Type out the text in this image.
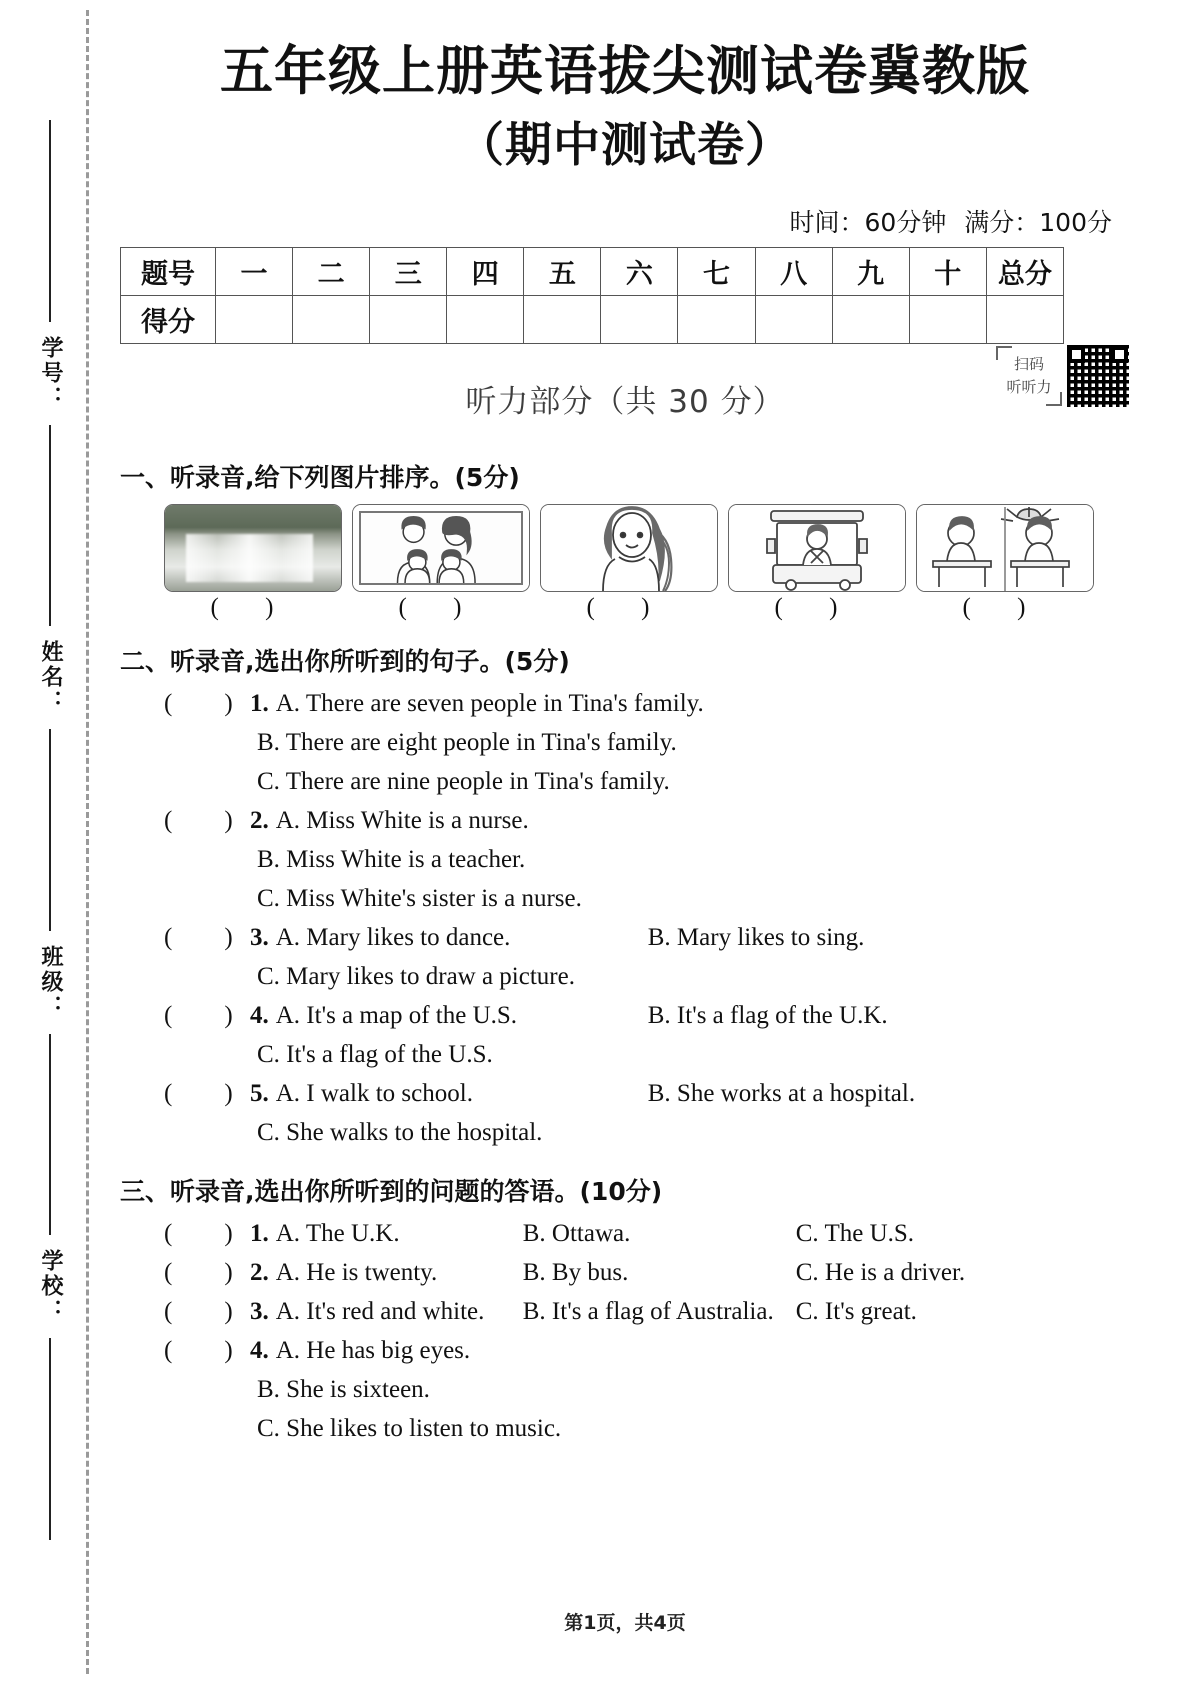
学号：
姓名：
班级：
学校：
五年级上册英语拔尖测试卷冀教版
（期中测试卷）
时间：60分钟 满分：100分
题号	一	二	三	四	五	六	七	八	九	十	总分
得分											
听力部分（共 30 分）
扫码
听听力
一、听录音,给下列图片排序。(5分)
( )	( )	( )	( )	( )
二、听录音,选出你所听到的句子。(5分)
( ) 1. A. There are seven people in Tina's family.
B. There are eight people in Tina's family.
C. There are nine people in Tina's family.
( ) 2. A. Miss White is a nurse.
B. Miss White is a teacher.
C. Miss White's sister is a nurse.
( ) 3. A. Mary likes to dance.	B. Mary likes to sing.
C. Mary likes to draw a picture.
( ) 4. A. It's a map of the U.S.	B. It's a flag of the U.K.
C. It's a flag of the U.S.
( ) 5. A. I walk to school.	B. She works at a hospital.
C. She walks to the hospital.
三、听录音,选出你所听到的问题的答语。(10分)
( ) 1. A. The U.K.	B. Ottawa.	C. The U.S.
( ) 2. A. He is twenty.	B. By bus.	C. He is a driver.
( ) 3. A. It's red and white.	B. It's a flag of Australia. C. It's great.
( ) 4. A. He has big eyes.
B. She is sixteen.
C. She likes to listen to music.
第1页，共4页
